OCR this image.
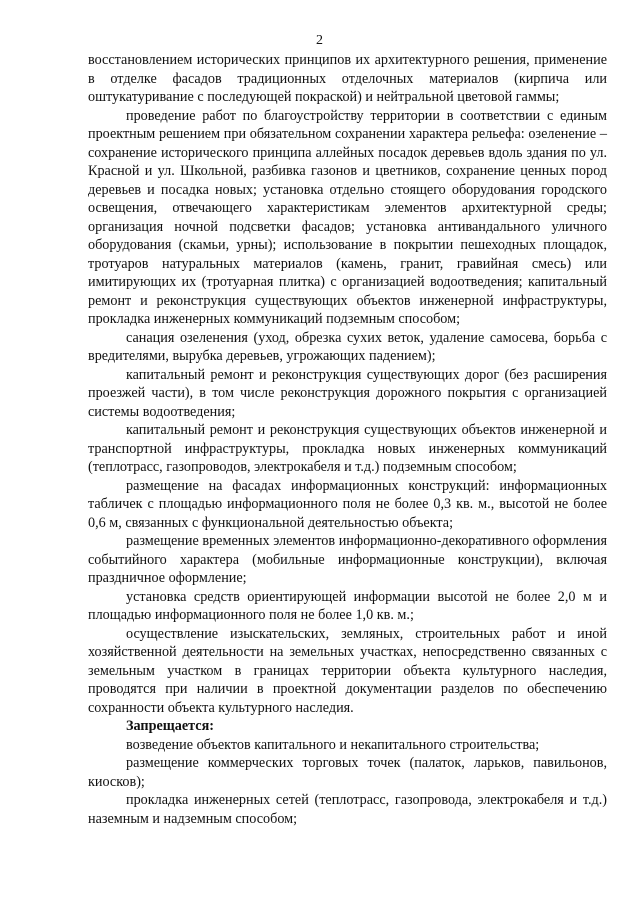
2

восстановлением исторических принципов их архитектурного решения, применение в отделке фасадов традиционных отделочных материалов (кирпича или оштукатуривание с последующей покраской) и нейтральной цветовой гаммы;

проведение работ по благоустройству территории в соответствии с единым проектным решением при обязательном сохранении характера рельефа: озеленение – сохранение исторического принципа аллейных посадок деревьев вдоль здания по ул. Красной и ул. Школьной, разбивка газонов и цветников, сохранение ценных пород деревьев и посадка новых; установка отдельно стоящего оборудования городского освещения, отвечающего характеристикам элементов архитектурной среды; организация ночной подсветки фасадов; установка антивандального уличного оборудования (скамьи, урны); использование в покрытии пешеходных площадок, тротуаров натуральных материалов (камень, гранит, гравийная смесь) или имитирующих их (тротуарная плитка) с организацией водоотведения; капитальный ремонт и реконструкция существующих объектов инженерной инфраструктуры, прокладка инженерных коммуникаций подземным способом;

санация озеленения (уход, обрезка сухих веток, удаление самосева, борьба с вредителями, вырубка деревьев, угрожающих падением);

капитальный ремонт и реконструкция существующих дорог (без расширения проезжей части), в том числе реконструкция дорожного покрытия с организацией системы водоотведения;

капитальный ремонт и реконструкция существующих объектов инженерной и транспортной инфраструктуры, прокладка новых инженерных коммуникаций (теплотрасс, газопроводов, электрокабеля и т.д.) подземным способом;

размещение на фасадах информационных конструкций: информационных табличек с площадью информационного поля не более 0,3 кв. м., высотой не более 0,6 м, связанных с функциональной деятельностью объекта;

размещение временных элементов информационно-декоративного оформления событийного характера (мобильные информационные конструкции), включая праздничное оформление;

установка средств ориентирующей информации высотой не более 2,0 м и площадью информационного поля не более 1,0 кв. м.;

осуществление изыскательских, земляных, строительных работ и иной хозяйственной деятельности на земельных участках, непосредственно связанных с земельным участком в границах территории объекта культурного наследия, проводятся при наличии в проектной документации разделов по обеспечению сохранности объекта культурного наследия.

Запрещается:

возведение объектов капитального и некапитального строительства;

размещение коммерческих торговых точек (палаток, ларьков, павильонов, киосков);

прокладка инженерных сетей (теплотрасс, газопровода, электрокабеля и т.д.) наземным и надземным способом;
